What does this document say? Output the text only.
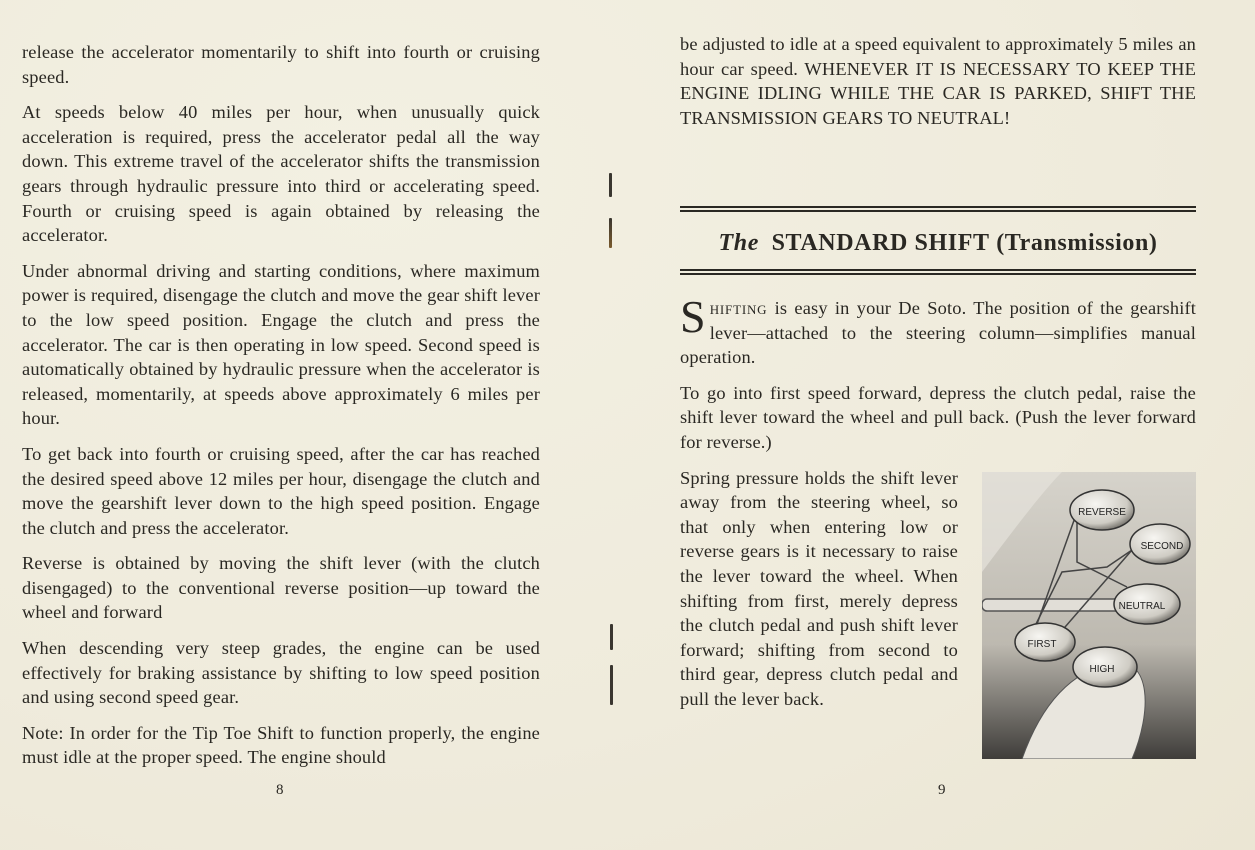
release the accelerator momentarily to shift into fourth or cruising speed.

At speeds below 40 miles per hour, when unusually quick acceleration is required, press the accelerator pedal all the way down. This extreme travel of the accelerator shifts the transmission gears through hydraulic pressure into third or accelerating speed. Fourth or cruising speed is again obtained by releasing the accelerator.

Under abnormal driving and starting conditions, where maximum power is required, disengage the clutch and move the gear shift lever to the low speed position. Engage the clutch and press the accelerator. The car is then operating in low speed. Second speed is automatically obtained by hydraulic pressure when the accelerator is released, momentarily, at speeds above approximately 6 miles per hour.

To get back into fourth or cruising speed, after the car has reached the desired speed above 12 miles per hour, disengage the clutch and move the gearshift lever down to the high speed position. Engage the clutch and press the accelerator.

Reverse is obtained by moving the shift lever (with the clutch disengaged) to the conventional reverse position—up toward the wheel and forward

When descending very steep grades, the engine can be used effectively for braking assistance by shifting to low speed position and using second speed gear.

Note: In order for the Tip Toe Shift to function properly, the engine must idle at the proper speed. The engine should

8

be adjusted to idle at a speed equivalent to approximately 5 miles an hour car speed. WHENEVER IT IS NECESSARY TO KEEP THE ENGINE IDLING WHILE THE CAR IS PARKED, SHIFT THE TRANSMISSION GEARS TO NEUTRAL!

The STANDARD SHIFT (Transmission)

Shifting is easy in your De Soto. The position of the gearshift lever—attached to the steering column—simplifies manual operation.

To go into first speed forward, depress the clutch pedal, raise the shift lever toward the wheel and pull back. (Push the lever forward for reverse.)

REVERSE
SECOND
NEUTRAL
FIRST
HIGH

Spring pressure holds the shift lever away from the steering wheel, so that only when entering low or reverse gears is it necessary to raise the lever toward the wheel. When shifting from first, merely depress the clutch pedal and push shift lever forward; shifting from second to third gear, depress clutch pedal and pull the lever back.

9
